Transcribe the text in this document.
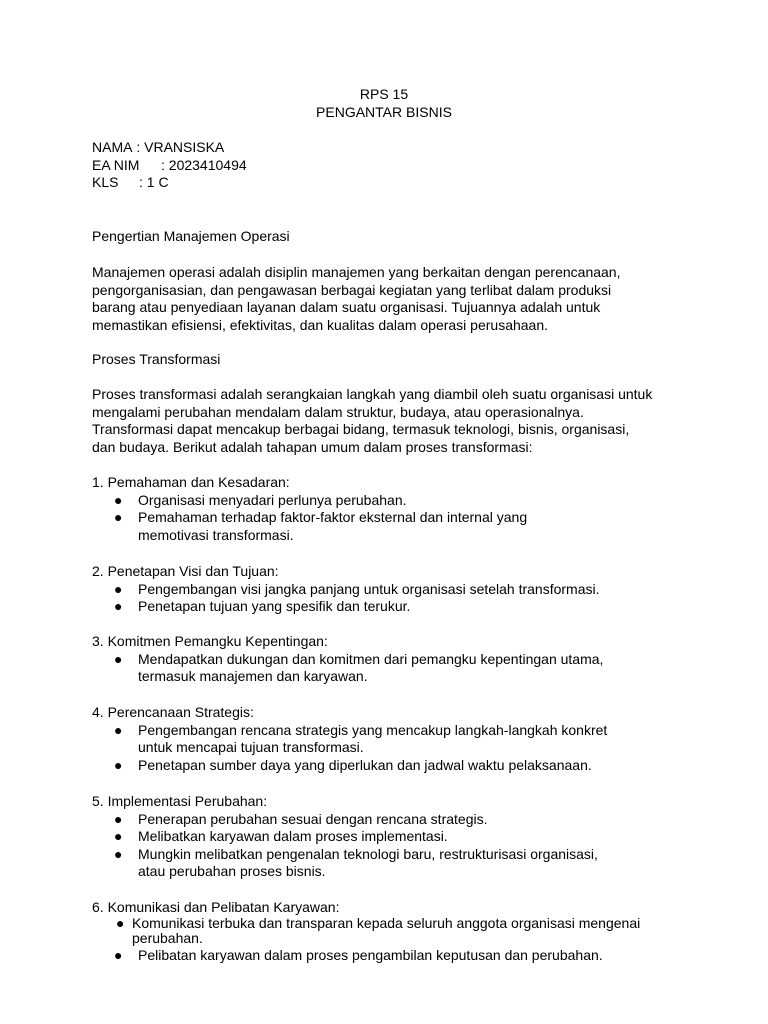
RPS 15
PENGANTAR BISNIS
NAMA : VRANSISKA
EA NIM	: 2023410494
KLS	: 1 C
Pengertian Manajemen Operasi
Manajemen operasi adalah disiplin manajemen yang berkaitan dengan perencanaan,
pengorganisasian, dan pengawasan berbagai kegiatan yang terlibat dalam produksi
barang atau penyediaan layanan dalam suatu organisasi. Tujuannya adalah untuk
memastikan efisiensi, efektivitas, dan kualitas dalam operasi perusahaan.
Proses Transformasi
Proses transformasi adalah serangkaian langkah yang diambil oleh suatu organisasi untuk
mengalami perubahan mendalam dalam struktur, budaya, atau operasionalnya.
Transformasi dapat mencakup berbagai bidang, termasuk teknologi, bisnis, organisasi,
dan budaya. Berikut adalah tahapan umum dalam proses transformasi:
1. Pemahaman dan Kesadaran:
● Organisasi menyadari perlunya perubahan.
● Pemahaman terhadap faktor-faktor eksternal dan internal yang
memotivasi transformasi.
2. Penetapan Visi dan Tujuan:
● Pengembangan visi jangka panjang untuk organisasi setelah transformasi.
● Penetapan tujuan yang spesifik dan terukur.
3. Komitmen Pemangku Kepentingan:
● Mendapatkan dukungan dan komitmen dari pemangku kepentingan utama,
termasuk manajemen dan karyawan.
4. Perencanaan Strategis:
● Pengembangan rencana strategis yang mencakup langkah-langkah konkret
untuk mencapai tujuan transformasi.
● Penetapan sumber daya yang diperlukan dan jadwal waktu pelaksanaan.
5. Implementasi Perubahan:
● Penerapan perubahan sesuai dengan rencana strategis.
● Melibatkan karyawan dalam proses implementasi.
● Mungkin melibatkan pengenalan teknologi baru, restrukturisasi organisasi,
atau perubahan proses bisnis.
6. Komunikasi dan Pelibatan Karyawan:
● Komunikasi terbuka dan transparan kepada seluruh anggota organisasi mengenai
perubahan.
● Pelibatan karyawan dalam proses pengambilan keputusan dan perubahan.
